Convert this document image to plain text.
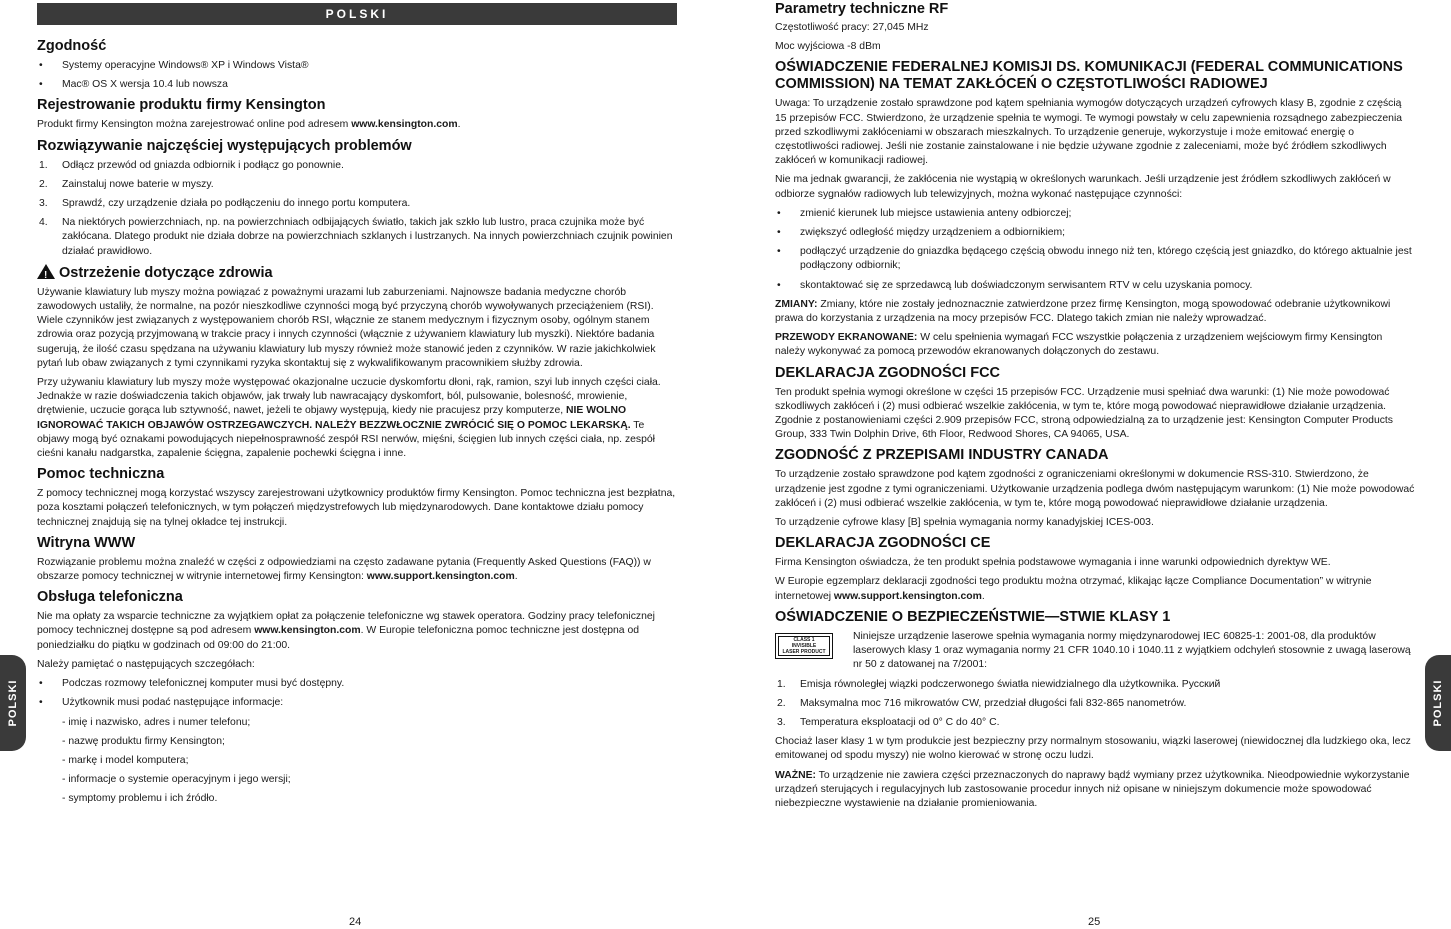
POLSKI
Zgodność
•	Systemy operacyjne Windows® XP i Windows Vista®
•	Mac® OS X wersja 10.4 lub nowsza
Rejestrowanie produktu firmy Kensington

Produkt firmy Kensington można zarejestrować online pod adresem www.kensington.com.

Rozwiązywanie najczęściej występujących problemów
1.	Odłącz przewód od gniazda odbiornik i podłącz go ponownie.
2.	Zainstaluj nowe baterie w myszy.
3.	Sprawdź, czy urządzenie działa po podłączeniu do innego portu komputera.
4.	Na niektórych powierzchniach, np. na powierzchniach odbijających światło, takich jak szkło lub lustro, praca czujnika może być zakłócana. Dlatego produkt nie działa dobrze na powierzchniach szklanych i lustrzanych. Na innych powierzchniach czujnik powinien działać prawidłowo.
! Ostrzeżenie dotyczące zdrowia

Używanie klawiatury lub myszy można powiązać z poważnymi urazami lub zaburzeniami. Najnowsze badania medyczne chorób zawodowych ustaliły, że normalne, na pozór nieszkodliwe czynności mogą być przyczyną chorób wywoływanych przeciążeniem (RSI). Wiele czynników jest związanych z występowaniem chorób RSI, włącznie ze stanem medycznym i fizycznym osoby, ogólnym stanem zdrowia oraz pozycją przyjmowaną w trakcie pracy i innych czynności (włącznie z używaniem klawiatury lub myszki). Niektóre badania sugerują, że ilość czasu spędzana na używaniu klawiatury lub myszy również może stanowić jeden z czynników. W razie jakichkolwiek pytań lub obaw związanych z tymi czynnikami ryzyka skontaktuj się z wykwalifikowanym pracownikiem służby zdrowia.

Przy używaniu klawiatury lub myszy może występować okazjonalne uczucie dyskomfortu dłoni, rąk, ramion, szyi lub innych części ciała. Jednakże w razie doświadczenia takich objawów, jak trwały lub nawracający dyskomfort, ból, pulsowanie, bolesność, mrowienie, drętwienie, uczucie gorąca lub sztywność, nawet, jeżeli te objawy występują, kiedy nie pracujesz przy komputerze, NIE WOLNO IGNOROWAĆ TAKICH OBJAWÓW OSTRZEGAWCZYCH. NALEŻY BEZZWŁOCZNIE ZWRÓCIĆ SIĘ O POMOC LEKARSKĄ. Te objawy mogą być oznakami powodujących niepełnosprawność zespół RSI nerwów, mięśni, ścięgien lub innych części ciała, np. zespół cieśni kanału nadgarstka, zapalenie ścięgna, zapalenie pochewki ścięgna i inne.

Pomoc techniczna

Z pomocy technicznej mogą korzystać wszyscy zarejestrowani użytkownicy produktów firmy Kensington. Pomoc techniczna jest bezpłatna, poza kosztami połączeń telefonicznych, w tym połączeń międzystrefowych lub międzynarodowych. Dane kontaktowe działu pomocy technicznej znajdują się na tylnej okładce tej instrukcji.

Witryna WWW

Rozwiązanie problemu można znaleźć w części z odpowiedziami na często zadawane pytania (Frequently Asked Questions (FAQ)) w obszarze pomocy technicznej w witrynie internetowej firmy Kensington: www.support.kensington.com.

Obsługa telefoniczna

Nie ma opłaty za wsparcie techniczne za wyjątkiem opłat za połączenie telefoniczne wg stawek operatora. Godziny pracy telefonicznej pomocy technicznej dostępne są pod adresem www.kensington.com. W Europie telefoniczna pomoc techniczne jest dostępna od poniedziałku do piątku w godzinach od 09:00 do 21:00.

Należy pamiętać o następujących szczegółach:

•	Podczas rozmowy telefonicznej komputer musi być dostępny.
•	Użytkownik musi podać następujące informacje:
- imię i nazwisko, adres i numer telefonu;
- nazwę produktu firmy Kensington;
- markę i model komputera;
- informacje o systemie operacyjnym i jego wersji;
- symptomy problemu i ich źródło.
Parametry techniczne RF

Częstotliwość pracy: 27,045 MHz

Moc wyjściowa -8 dBm

OŚWIADCZENIE FEDERALNEJ KOMISJI DS. KOMUNIKACJI (FEDERAL COMMUNICATIONS COMMISSION) NA TEMAT ZAKŁÓCEŃ O CZĘSTOTLIWOŚCI RADIOWEJ

Uwaga: To urządzenie zostało sprawdzone pod kątem spełniania wymogów dotyczących urządzeń cyfrowych klasy B, zgodnie z częścią 15 przepisów FCC. Stwierdzono, że urządzenie spełnia te wymogi. Te wymogi powstały w celu zapewnienia rozsądnego zabezpieczenia przed szkodliwymi zakłóceniami w obszarach mieszkalnych. To urządzenie generuje, wykorzystuje i może emitować energię o częstotliwości radiowej. Jeśli nie zostanie zainstalowane i nie będzie używane zgodnie z zaleceniami, może być źródłem szkodliwych zakłóceń w komunikacji radiowej.

Nie ma jednak gwarancji, że zakłócenia nie wystąpią w określonych warunkach. Jeśli urządzenie jest źródłem szkodliwych zakłóceń w odbiorze sygnałów radiowych lub telewizyjnych, można wykonać następujące czynności:

•	zmienić kierunek lub miejsce ustawienia anteny odbiorczej;
•	zwiększyć odległość między urządzeniem a odbiornikiem;
•	podłączyć urządzenie do gniazdka będącego częścią obwodu innego niż ten, którego częścią jest gniazdko, do którego aktualnie jest podłączony odbiornik;
•	skontaktować się ze sprzedawcą lub doświadczonym serwisantem RTV w celu uzyskania pomocy.

ZMIANY: Zmiany, które nie zostały jednoznacznie zatwierdzone przez firmę Kensington, mogą spowodować odebranie użytkownikowi prawa do korzystania z urządzenia na mocy przepisów FCC. Dlatego takich zmian nie należy wprowadzać.

PRZEWODY EKRANOWANE: W celu spełnienia wymagań FCC wszystkie połączenia z urządzeniem wejściowym firmy Kensington należy wykonywać za pomocą przewodów ekranowanych dołączonych do zestawu.

DEKLARACJA ZGODNOŚCI FCC

Ten produkt spełnia wymogi określone w części 15 przepisów FCC. Urządzenie musi spełniać dwa warunki: (1) Nie może powodować szkodliwych zakłóceń i (2) musi odbierać wszelkie zakłócenia, w tym te, które mogą powodować nieprawidłowe działanie urządzenia. Zgodnie z postanowieniami części 2.909 przepisów FCC, stroną odpowiedzialną za to urządzenie jest: Kensington Computer Products Group, 333 Twin Dolphin Drive, 6th Floor, Redwood Shores, CA 94065, USA.

ZGODNOŚĆ Z PRZEPISAMI INDUSTRY CANADA

To urządzenie zostało sprawdzone pod kątem zgodności z ograniczeniami określonymi w dokumencie RSS-310. Stwierdzono, że urządzenie jest zgodne z tymi ograniczeniami. Użytkowanie urządzenia podlega dwóm następującym warunkom: (1) Nie może powodować zakłóceń i (2) musi odbierać wszelkie zakłócenia, w tym te, które mogą powodować nieprawidłowe działanie urządzenia.

To urządzenie cyfrowe klasy [B] spełnia wymagania normy kanadyjskiej ICES-003.

DEKLARACJA ZGODNOŚCI CE

Firma Kensington oświadcza, że ten produkt spełnia podstawowe wymagania i inne warunki odpowiednich dyrektyw WE.

W Europie egzemplarz deklaracji zgodności tego produktu można otrzymać, klikając łącze Compliance Documentation” w witrynie internetowej www.support.kensington.com.

OŚWIADCZENIE O BEZPIECZEŃSTWIE—STWIE KLASY 1
CLASS 1
INVISIBLE
LASER PRODUCT

Niniejsze urządzenie laserowe spełnia wymagania normy międzynarodowej IEC 60825-1: 2001-08, dla produktów laserowych klasy 1 oraz wymagania normy 21 CFR 1040.10 i 1040.11 z wyjątkiem odchyleń stosownie z uwagą laserową nr 50 z datowanej na 7/2001:

1.	Emisja równoległej wiązki podczerwonego światła niewidzialnego dla użytkownika. Русский
2.	Maksymalna moc 716 mikrowatów CW, przedział długości fali 832-865 nanometrów.
3.	Temperatura eksploatacji od 0° C do 40° C.

Chociaż laser klasy 1 w tym produkcie jest bezpieczny przy normalnym stosowaniu, wiązki laserowej (niewidocznej dla ludzkiego oka, lecz emitowanej od spodu myszy) nie wolno kierować w stronę oczu ludzi.

WAŻNE: To urządzenie nie zawiera części przeznaczonych do naprawy bądź wymiany przez użytkownika. Nieodpowiednie wykorzystanie urządzeń sterujących i regulacyjnych lub zastosowanie procedur innych niż opisane w niniejszym dokumencie może spowodować niebezpieczne wystawienie na działanie promieniowania.

24	25
POLSKI	POLSKI
